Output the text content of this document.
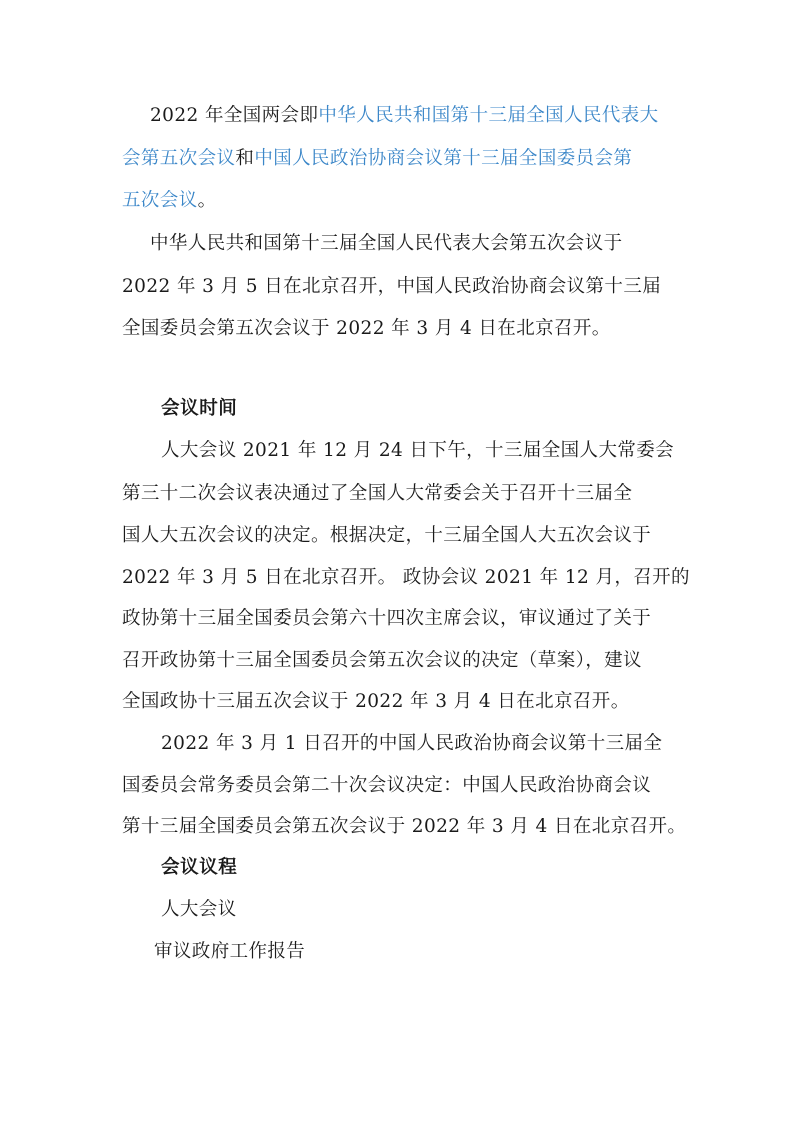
2022 年全国两会即中华人民共和国第十三届全国人民代表大
会第五次会议和中国人民政治协商会议第十三届全国委员会第
五次会议。
中华人民共和国第十三届全国人民代表大会第五次会议于
2022 年 3 月 5 日在北京召开，中国人民政治协商会议第十三届
全国委员会第五次会议于 2022 年 3 月 4 日在北京召开。
会议时间
人大会议 2021 年 12 月 24 日下午，十三届全国人大常委会
第三十二次会议表决通过了全国人大常委会关于召开十三届全
国人大五次会议的决定。根据决定，十三届全国人大五次会议于
2022 年 3 月 5 日在北京召开。 政协会议 2021 年 12 月，召开的
政协第十三届全国委员会第六十四次主席会议，审议通过了关于
召开政协第十三届全国委员会第五次会议的决定（草案），建议
全国政协十三届五次会议于 2022 年 3 月 4 日在北京召开。
2022 年 3 月 1 日召开的中国人民政治协商会议第十三届全
国委员会常务委员会第二十次会议决定：中国人民政治协商会议
第十三届全国委员会第五次会议于 2022 年 3 月 4 日在北京召开。
会议议程
人大会议
审议政府工作报告
